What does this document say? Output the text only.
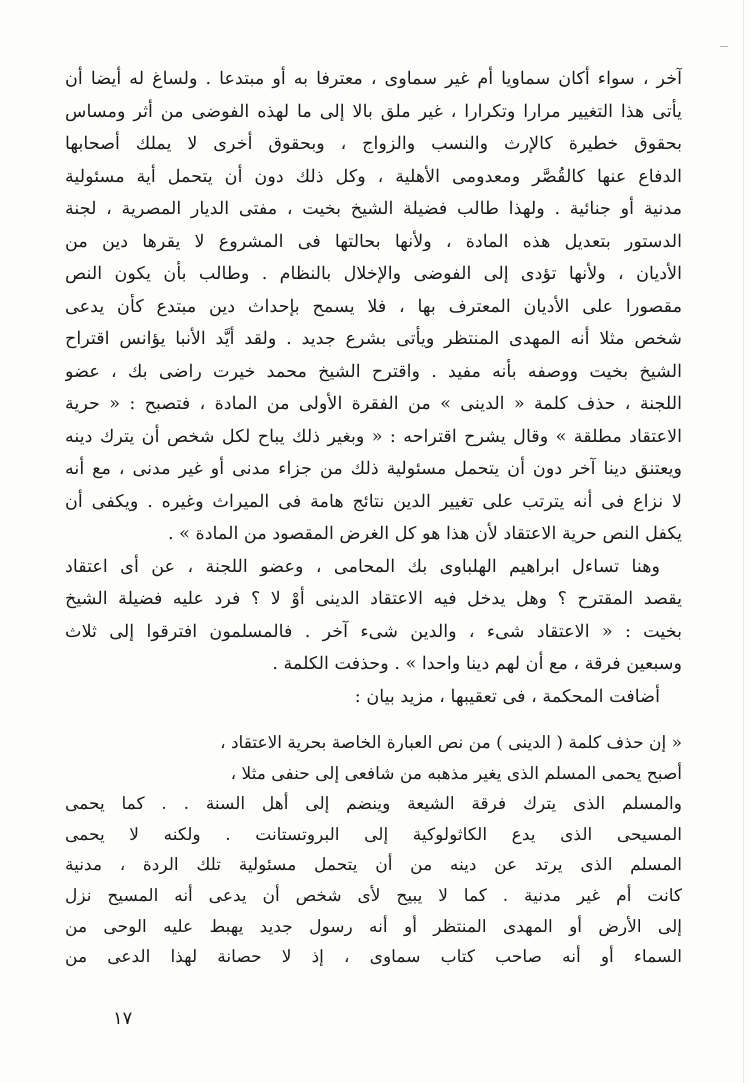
آخر ، سواء أكان سماويا أم غير سماوى ، معترفا به أو مبتدعا . ولساغ له أيضا أن
يأتى هذا التغيير مرارا وتكرارا ، غير ملق بالا إلى ما لهذه الفوضى من أثر ومساس
بحقوق خطيرة كالإرث والنسب والزواج ، وبحقوق أخرى لا يملك أصحابها
الدفاع عنها كالقُصَّر ومعدومى الأهلية ، وكل ذلك دون أن يتحمل أية مسئولية
مدنية أو جنائية . ولهذا طالب فضيلة الشيخ بخيت ، مفتى الديار المصرية ، لجنة
الدستور بتعديل هذه المادة ، ولأنها بحالتها فى المشروع لا يقرها دين من
الأديان ، ولأنها تؤدى إلى الفوضى والإخلال بالنظام . وطالب بأن يكون النص
مقصورا على الأديان المعترف بها ، فلا يسمح بإحداث دين مبتدع كأن يدعى
شخص مثلا أنه المهدى المنتظر ويأتى بشرع جديد . ولقد أيَّد الأنبا يؤانس اقتراح
الشيخ بخيت ووصفه بأنه مفيد . واقترح الشيخ محمد خيرت راضى بك ، عضو
اللجنة ، حذف كلمة « الدينى » من الفقرة الأولى من المادة ، فتصبح : « حرية
الاعتقاد مطلقة » وقال يشرح اقتراحه : « وبغير ذلك يباح لكل شخص أن يترك دينه
ويعتنق دينا آخر دون أن يتحمل مسئولية ذلك من جزاء مدنى أو غير مدنى ، مع أنه
لا نزاع فى أنه يترتب على تغيير الدين نتائج هامة فى الميراث وغيره . ويكفى أن
يكفل النص حرية الاعتقاد لأن هذا هو كل الغرض المقصود من المادة » .
وهنا تساءل ابراهيم الهلباوى بك المحامى ، وعضو اللجنة ، عن أى اعتقاد
يقصد المقترح ؟ وهل يدخل فيه الاعتقاد الدينى أوْ لا ؟ فرد عليه فضيلة الشيخ
بخيت : « الاعتقاد شىء ، والدين شىء آخر . فالمسلمون افترقوا إلى ثلاث
وسبعين فرقة ، مع أن لهم دينا واحدا » . وحذفت الكلمة .
أضافت المحكمة ، فى تعقيبها ، مزيد بيان :
« إن حذف كلمة ( الدينى ) من نص العبارة الخاصة بحرية الاعتقاد ،
أصبح يحمى المسلم الذى يغير مذهبه من شافعى إلى حنفى مثلا ،
والمسلم الذى يترك فرقة الشيعة وينضم إلى أهل السنة . . كما يحمى
المسيحى الذى يدع الكاثولوكية إلى البروتستانت . ولكنه لا يحمى
المسلم الذى يرتد عن دينه من أن يتحمل مسئولية تلك الردة ، مدنية
كانت أم غير مدنية . كما لا يبيح لأى شخص أن يدعى أنه المسيح نزل
إلى الأرض أو المهدى المنتظر أو أنه رسول جديد يهبط عليه الوحى من
السماء أو أنه صاحب كتاب سماوى ، إذ لا حصانة لهذا الدعى من
١٧
